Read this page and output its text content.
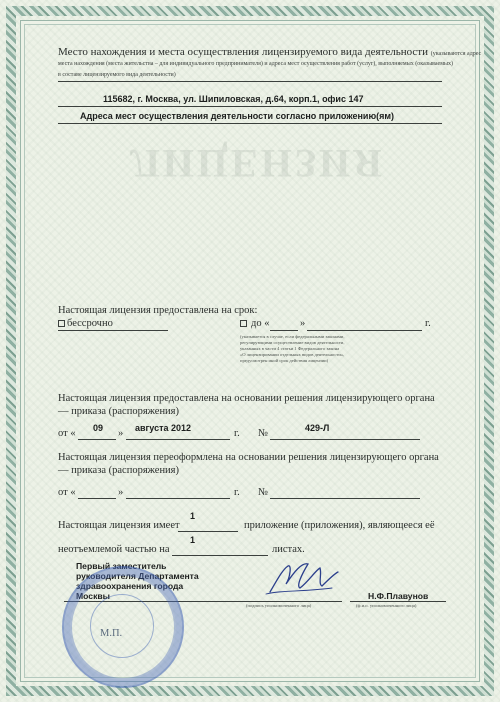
ЛИЦЕНЗИЯ
Место нахождения и места осуществления лицензируемого вида деятельности (указываются адрес
места нахождения (места жительства – для индивидуального предпринимателя) и адреса мест осуществления работ (услуг), выполняемых (оказываемых)
в составе лицензируемого вида деятельности)
115682, г. Москва, ул. Шипиловская, д.64, корп.1, офис 147
Адреса мест осуществления деятельности согласно приложению(ям)
Настоящая лицензия предоставлена на срок:
бессрочно	до «	»	г.
(указывается в случае, если федеральными законами,
регулирующими осуществление видов деятельности,
указанных в части 4 статьи 1 Федерального закона
«О лицензировании отдельных видов деятельности»,
предусмотрен иной срок действия лицензии)
Настоящая лицензия предоставлена на основании решения лицензирующего органа
— приказа (распоряжения)
от « 09 » августа 2012	г. №	429-Л
Настоящая лицензия переоформлена на основании решения лицензирующего органа
— приказа (распоряжения)
от «	»	г. №
1
Настоящая лицензия имеет	приложение (приложения), являющееся её
1
неотъемлемой частью на	листах.
Первый заместитель
руководителя Департамента
здравоохранения города
Москвы
(подпись уполномоченного лица)	(ф.и.о. уполномоченного лица)
Н.Ф.Плавунов
М.П.
